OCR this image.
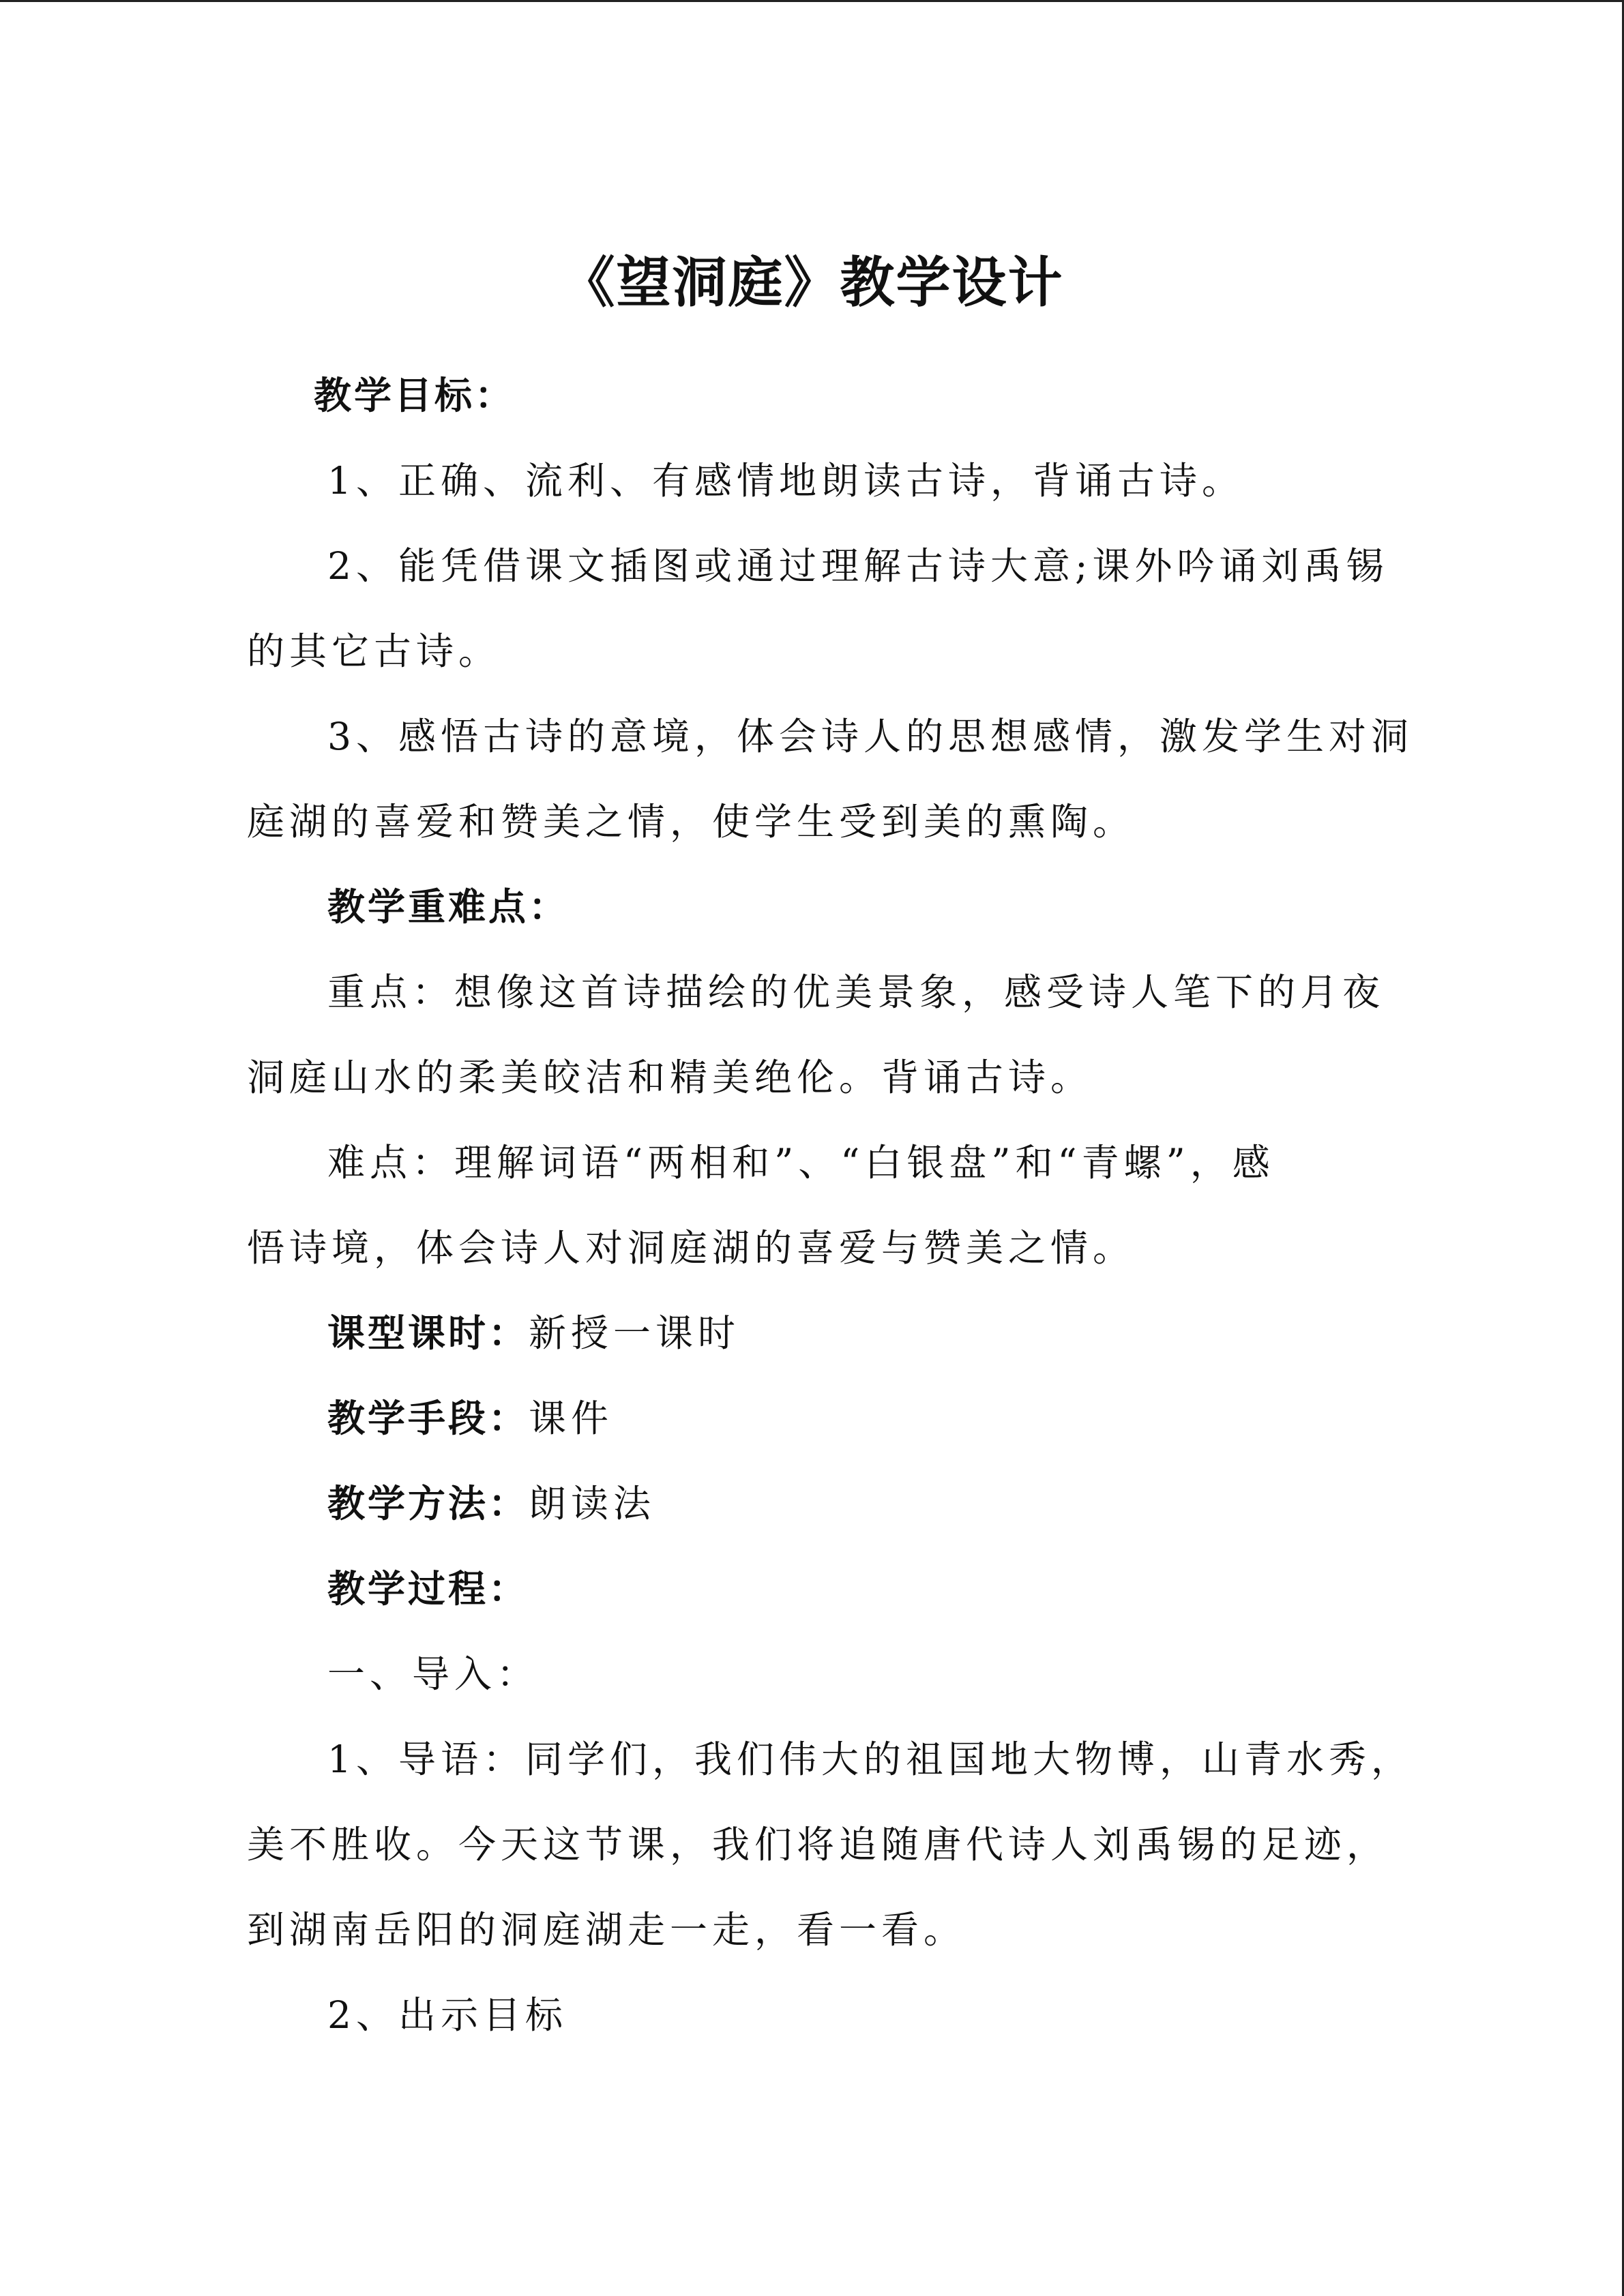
《望洞庭》教学设计
教学目标：
1、正确、流利、有感情地朗读古诗，背诵古诗。
2、能凭借课文插图或通过理解古诗大意;课外吟诵刘禹锡
的其它古诗。
3、感悟古诗的意境，体会诗人的思想感情，激发学生对洞
庭湖的喜爱和赞美之情，使学生受到美的熏陶。
教学重难点：
重点：想像这首诗描绘的优美景象，感受诗人笔下的月夜
洞庭山水的柔美皎洁和精美绝伦。背诵古诗。
难点：理解词语“两相和”、“白银盘”和“青螺”，感
悟诗境，体会诗人对洞庭湖的喜爱与赞美之情。
课型课时：新授一课时
教学手段：课件
教学方法：朗读法
教学过程：
一、导入：
1、导语：同学们，我们伟大的祖国地大物博，山青水秀，
美不胜收。今天这节课，我们将追随唐代诗人刘禹锡的足迹，
到湖南岳阳的洞庭湖走一走，看一看。
2、出示目标
